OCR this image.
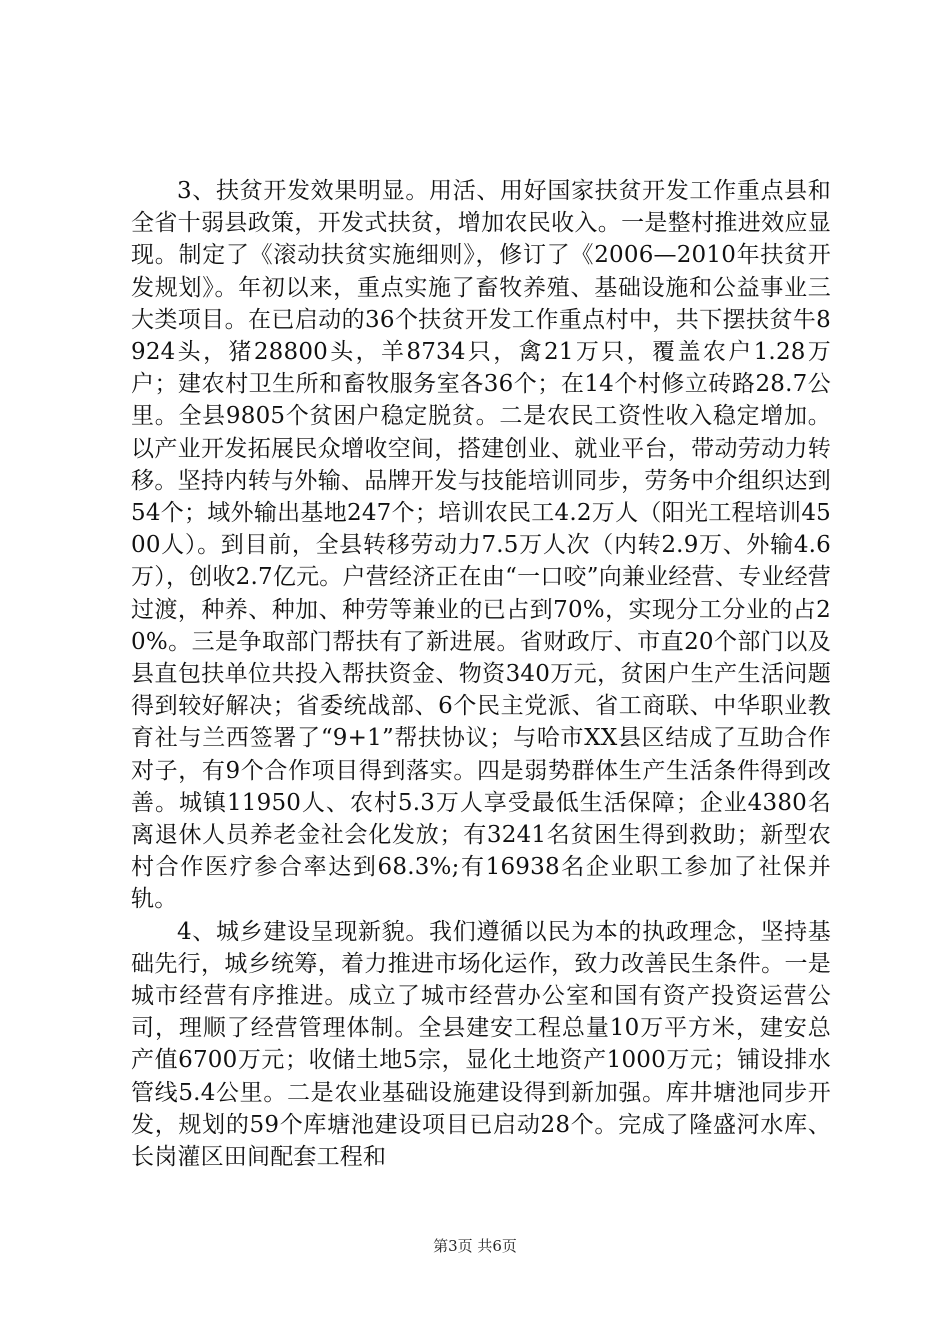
3、扶贫开发效果明显。用活、用好国家扶贫开发工作重点县和全省十弱县政策，开发式扶贫，增加农民收入。一是整村推进效应显现。制定了《滚动扶贫实施细则》，修订了《2006—2010年扶贫开发规划》。年初以来，重点实施了畜牧养殖、基础设施和公益事业三大类项目。在已启动的36个扶贫开发工作重点村中，共下摆扶贫牛8924头，猪28800头，羊8734只，禽21万只，覆盖农户1.28万户；建农村卫生所和畜牧服务室各36个；在14个村修立砖路28.7公里。全县9805个贫困户稳定脱贫。二是农民工资性收入稳定增加。以产业开发拓展民众增收空间，搭建创业、就业平台，带动劳动力转移。坚持内转与外输、品牌开发与技能培训同步，劳务中介组织达到54个；域外输出基地247个；培训农民工4.2万人（阳光工程培训4500人）。到目前，全县转移劳动力7.5万人次（内转2.9万、外输4.6万），创收2.7亿元。户营经济正在由“一口咬”向兼业经营、专业经营过渡，种养、种加、种劳等兼业的已占到70%，实现分工分业的占20%。三是争取部门帮扶有了新进展。省财政厅、市直20个部门以及县直包扶单位共投入帮扶资金、物资340万元，贫困户生产生活问题得到较好解决；省委统战部、6个民主党派、省工商联、中华职业教育社与兰西签署了“9+1”帮扶协议；与哈市XX县区结成了互助合作对子，有9个合作项目得到落实。四是弱势群体生产生活条件得到改善。城镇11950人、农村5.3万人享受最低生活保障；企业4380名离退休人员养老金社会化发放；有3241名贫困生得到救助；新型农村合作医疗参合率达到68.3%;有16938名企业职工参加了社保并轨。

4、城乡建设呈现新貌。我们遵循以民为本的执政理念，坚持基础先行，城乡统筹，着力推进市场化运作，致力改善民生条件。一是城市经营有序推进。成立了城市经营办公室和国有资产投资运营公司，理顺了经营管理体制。全县建安工程总量10万平方米，建安总产值6700万元；收储土地5宗，显化土地资产1000万元；铺设排水管线5.4公里。二是农业基础设施建设得到新加强。库井塘池同步开发，规划的59个库塘池建设项目已启动28个。完成了隆盛河水库、长岗灌区田间配套工程和

第3页 共6页
